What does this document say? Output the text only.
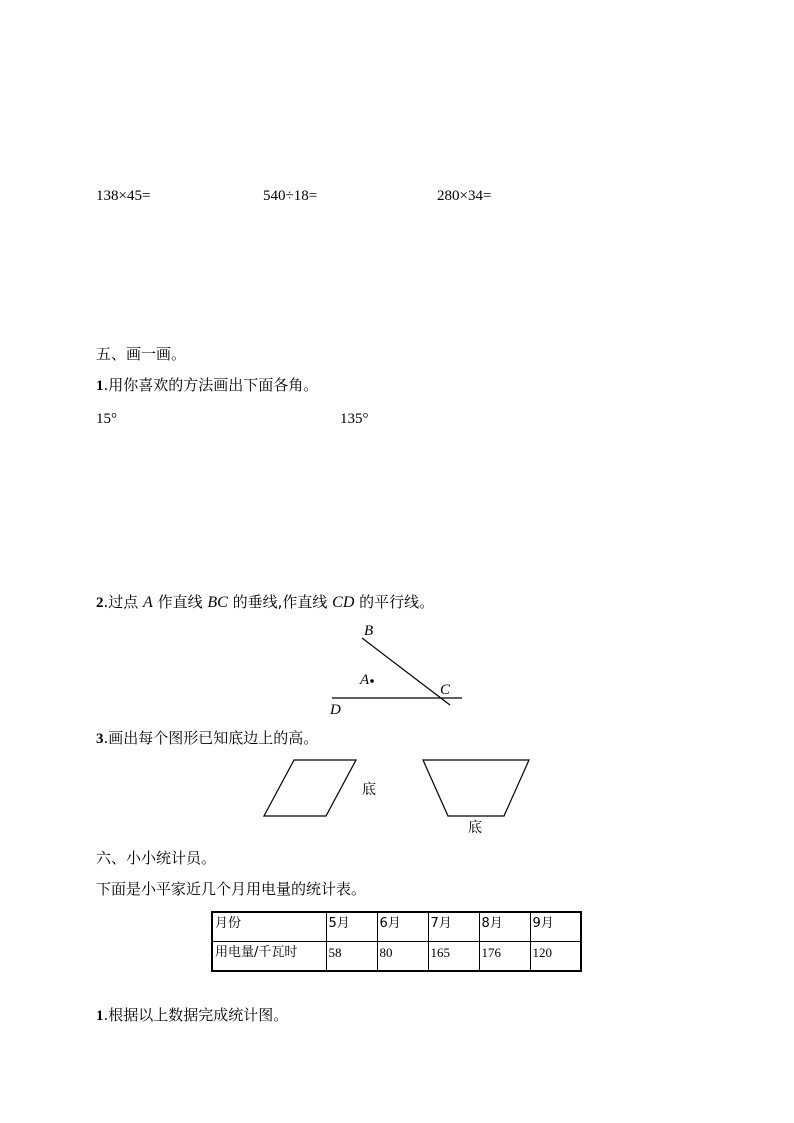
138×45=	540÷18=	280×34=
五、画一画。
1.用你喜欢的方法画出下面各角。
15°	135°
2.过点 A 作直线 BC 的垂线,作直线 CD 的平行线。
B
A
C
D
3.画出每个图形已知底边上的高。
底
底
六、小小统计员。
下面是小平家近几个月用电量的统计表。
月份	5月	6月	7月	8月	9月
用电量/千瓦时	58	80	165	176	120
1.根据以上数据完成统计图。
